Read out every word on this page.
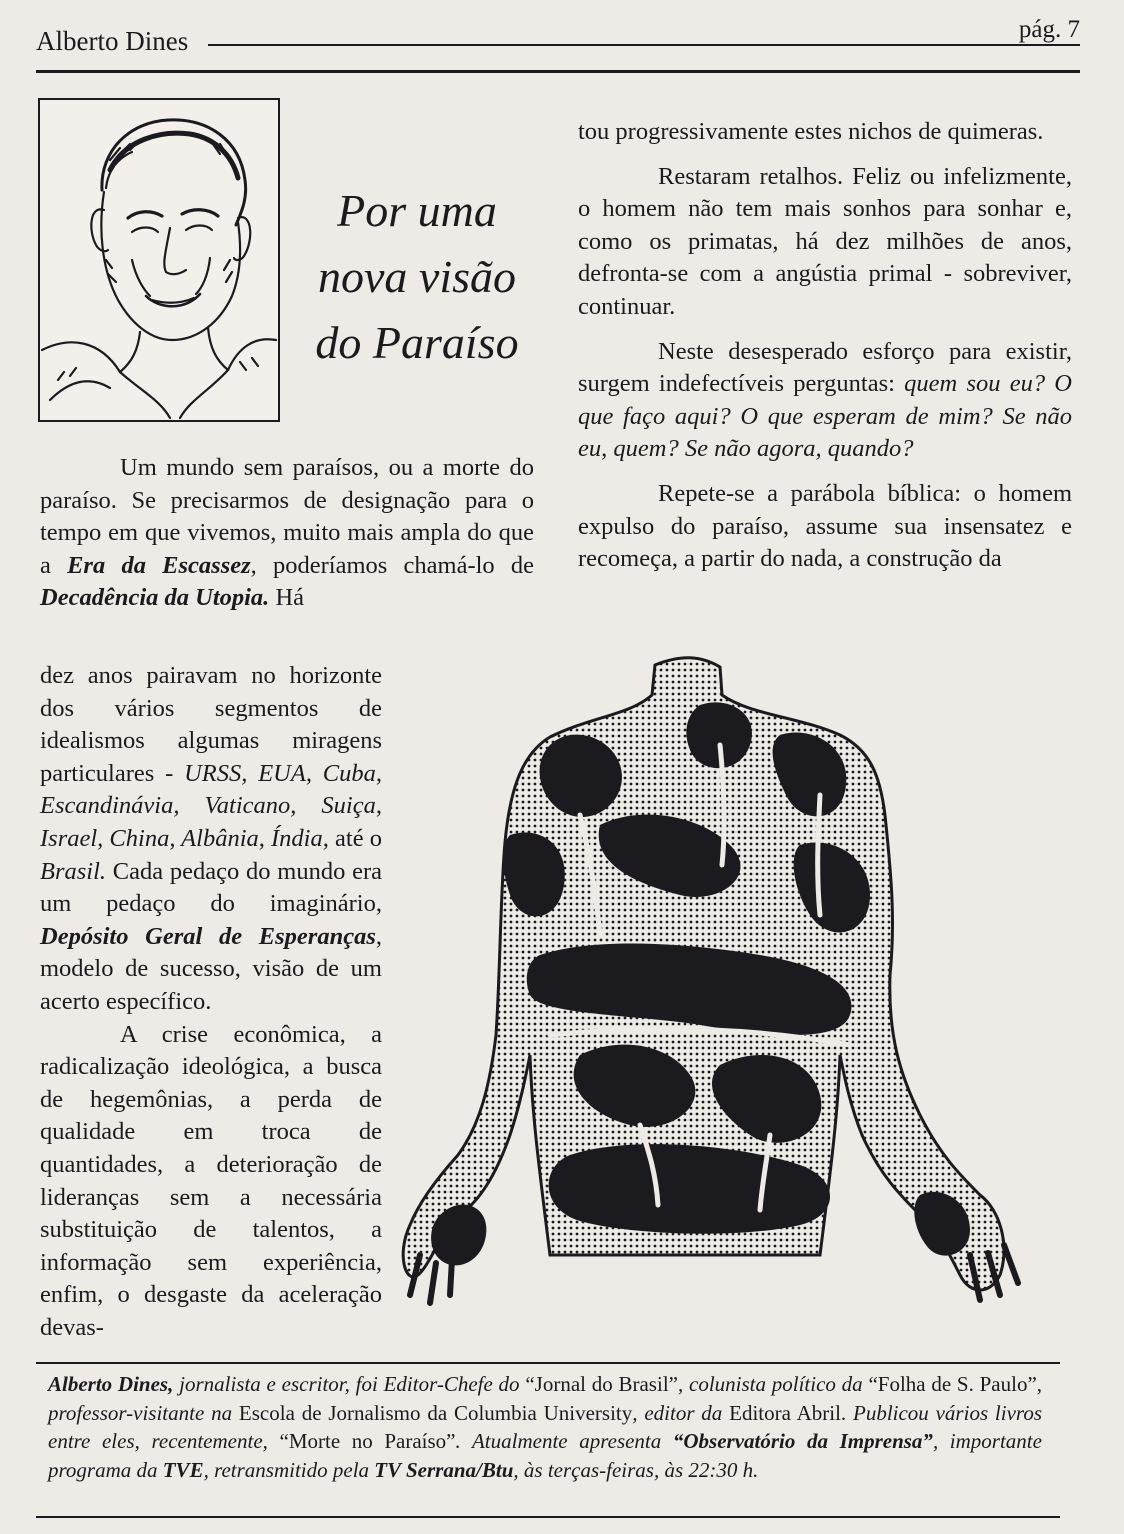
Alberto Dines	pág. 7
Por uma
nova visão
do Paraíso

Um mundo sem paraísos, ou a morte do paraíso. Se precisarmos de designação para o tempo em que vivemos, muito mais ampla do que a Era da Escassez, poderíamos chamá-lo de Decadência da Utopia. Há

dez anos pairavam no horizonte dos vários segmentos de idealismos algumas miragens particulares - URSS, EUA, Cuba, Escandinávia, Vaticano, Suiça, Israel, China, Albânia, Índia, até o Brasil. Cada pedaço do mundo era um pedaço do imaginário, Depósito Geral de Esperanças, modelo de sucesso, visão de um acerto específico.

A crise econômica, a radicalização ideológica, a busca de hegemônias, a perda de qualidade em troca de quantidades, a deterioração de lideranças sem a necessária substituição de talentos, a informação sem experiência, enfim, o desgaste da aceleração devas-

tou progressivamente estes nichos de quimeras.

Restaram retalhos. Feliz ou infelizmente, o homem não tem mais sonhos para sonhar e, como os primatas, há dez milhões de anos, defronta-se com a angústia primal - sobreviver, continuar.

Neste desesperado esforço para existir, surgem indefectíveis perguntas: quem sou eu? O que faço aqui? O que esperam de mim? Se não eu, quem? Se não agora, quando?

Repete-se a parábola bíblica: o homem expulso do paraíso, assume sua insensatez e recomeça, a partir do nada, a construção da

Alberto Dines, jornalista e escritor, foi Editor-Chefe do “Jornal do Brasil”, colunista político da “Folha de S. Paulo”, professor-visitante na Escola de Jornalismo da Columbia University, editor da Editora Abril. Publicou vários livros entre eles, recentemente, “Morte no Paraíso”. Atualmente apresenta “Observatório da Imprensa”, importante programa da TVE, retransmitido pela TV Serrana/Btu, às terças-feiras, às 22:30 h.
